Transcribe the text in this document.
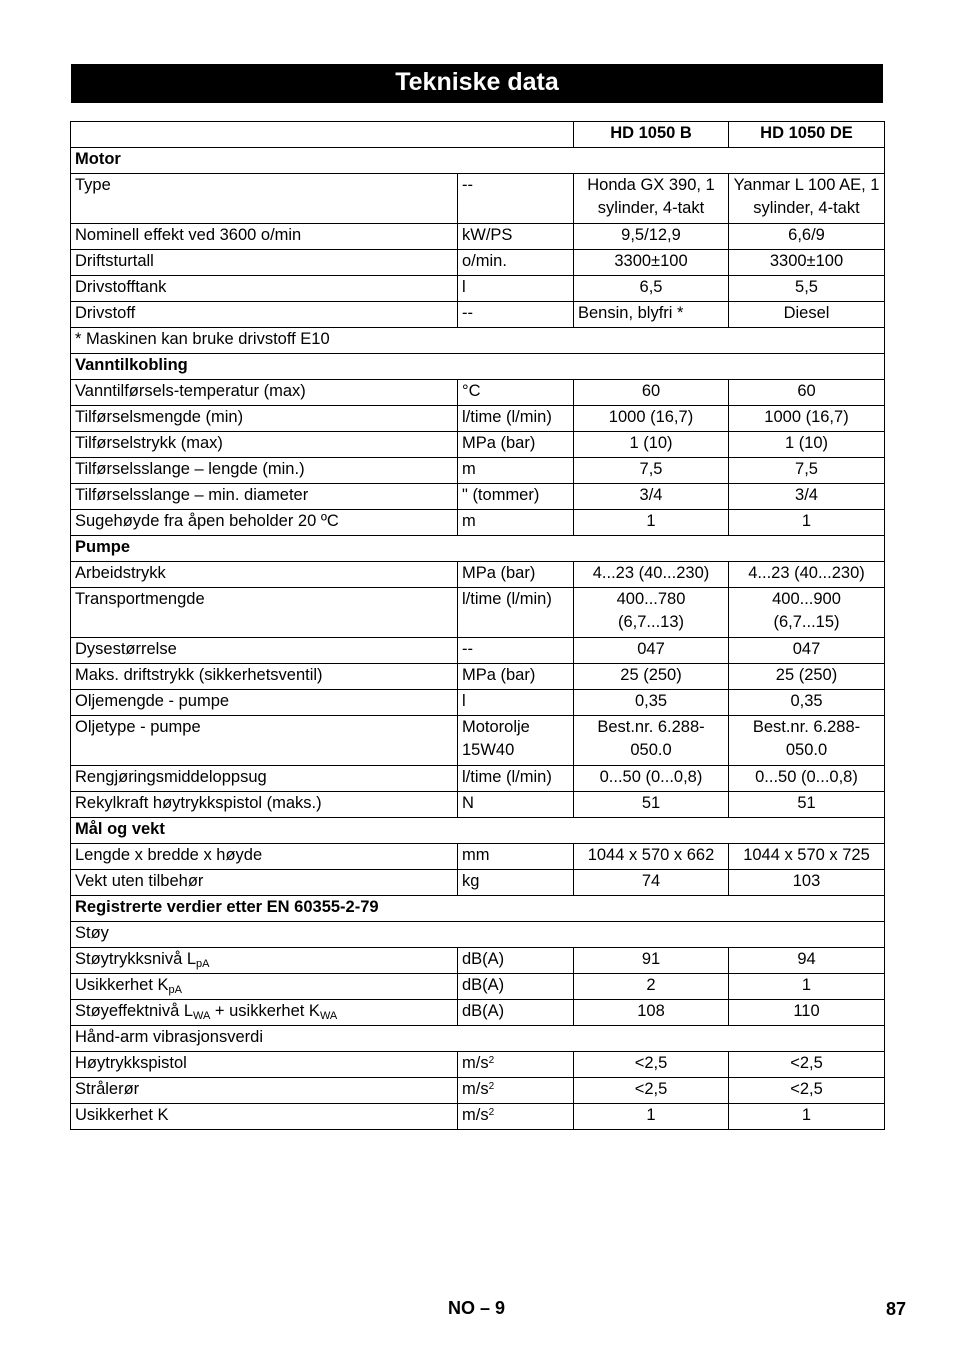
Tekniske data
		HD 1050 B	HD 1050 DE
Motor			
Type	--	Honda GX 390, 1 sylinder, 4-takt	Yanmar L 100 AE, 1 sylinder, 4-takt
Nominell effekt ved 3600 o/min	kW/PS	9,5/12,9	6,6/9
Driftsturtall	o/min.	3300±100	3300±100
Drivstofftank	l	6,5	5,5
Drivstoff	--	Bensin, blyfri *	Diesel
* Maskinen kan bruke drivstoff E10			
Vanntilkobling			
Vanntilførsels-temperatur (max)	°C	60	60
Tilførselsmengde (min)	l/time (l/min)	1000 (16,7)	1000 (16,7)
Tilførselstrykk (max)	MPa (bar)	1 (10)	1 (10)
Tilførselsslange – lengde (min.)	m	7,5	7,5
Tilførselsslange – min. diameter	" (tommer)	3/4	3/4
Sugehøyde fra åpen beholder 20 ºC	m	1	1
Pumpe			
Arbeidstrykk	MPa (bar)	4...23 (40...230)	4...23 (40...230)
Transportmengde	l/time (l/min)	400...780 (6,7...13)	400...900 (6,7...15)
Dysestørrelse	--	047	047
Maks. driftstrykk (sikkerhetsventil)	MPa (bar)	25 (250)	25 (250)
Oljemengde - pumpe	l	0,35	0,35
Oljetype - pumpe	Motorolje 15W40	Best.nr. 6.288-050.0	Best.nr. 6.288-050.0
Rengjøringsmiddeloppsug	l/time (l/min)	0...50 (0...0,8)	0...50 (0...0,8)
Rekylkraft høytrykkspistol (maks.)	N	51	51
Mål og vekt			
Lengde x bredde x høyde	mm	1044 x 570 x 662	1044 x 570 x 725
Vekt uten tilbehør	kg	74	103
Registrerte verdier etter EN 60355-2-79			
Støy			
Støytrykksnivå $L_{pA}$	dB(A)	91	94
Usikkerhet $K_{pA}$	dB(A)	2	1
Støyeffektnivå $L_{WA}$ + usikkerhet $K_{WA}$	dB(A)	108	110
Hånd-arm vibrasjonsverdi			
Høytrykkspistol	$m/s^2$	<2,5	<2,5
Strålerør	$m/s^2$	<2,5	<2,5
Usikkerhet K	$m/s^2$	1	1
NO – 9	87
